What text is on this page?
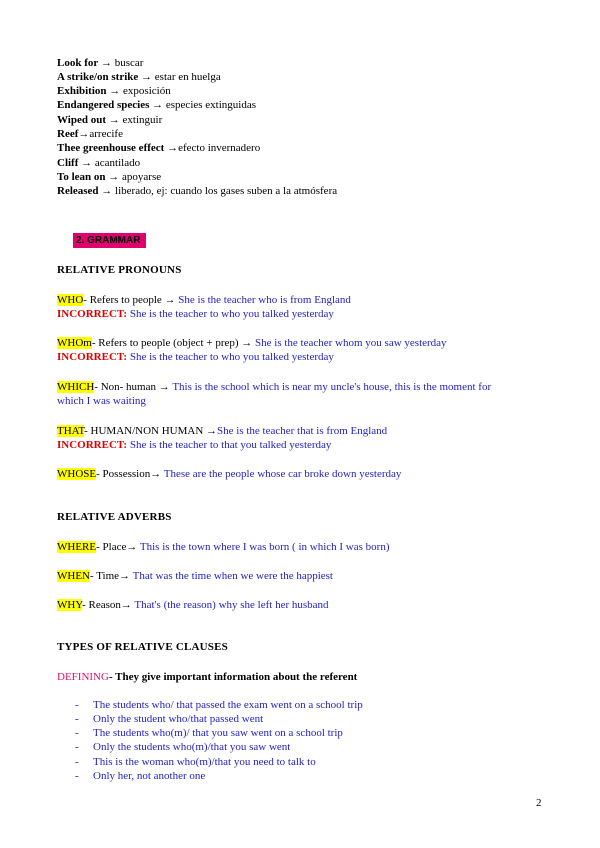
Look for → buscar
A strike/on strike → estar en huelga
Exhibition → exposición
Endangered species → especies extinguidas
Wiped out → extinguir
Reef→arrecife
Thee greenhouse effect →efecto invernadero
Cliff → acantilado
To lean on → apoyarse
Released → liberado, ej: cuando los gases suben a la atmósfera
2. GRAMMAR
RELATIVE PRONOUNS
WHO- Refers to people → She is the teacher who is from England
INCORRECT: She is the teacher to who you talked yesterday
WHOm- Refers to people (object + prep) → She is the teacher whom you saw yesterday
INCORRECT: She is the teacher to who you talked yesterday
WHICH- Non- human → This is the school which is near my uncle's house, this is the moment for
which I was waiting
THAT- HUMAN/NON HUMAN →She is the teacher that is from England
INCORRECT: She is the teacher to that you talked yesterday
WHOSE- Possession→ These are the people whose car broke down yesterday
RELATIVE ADVERBS
WHERE- Place→ This is the town where I was born ( in which I was born)
WHEN- Time→ That was the time when we were the happiest
WHY- Reason→ That's (the reason) why she left her husband
TYPES OF RELATIVE CLAUSES
DEFINING- They give important information about the referent
-	The students who/ that passed the exam went on a school trip
-	Only the student who/that passed went
-	The students who(m)/ that you saw went on a school trip
-	Only the students who(m)/that you saw went
-	This is the woman who(m)/that you need to talk to
-	Only her, not another one
2
